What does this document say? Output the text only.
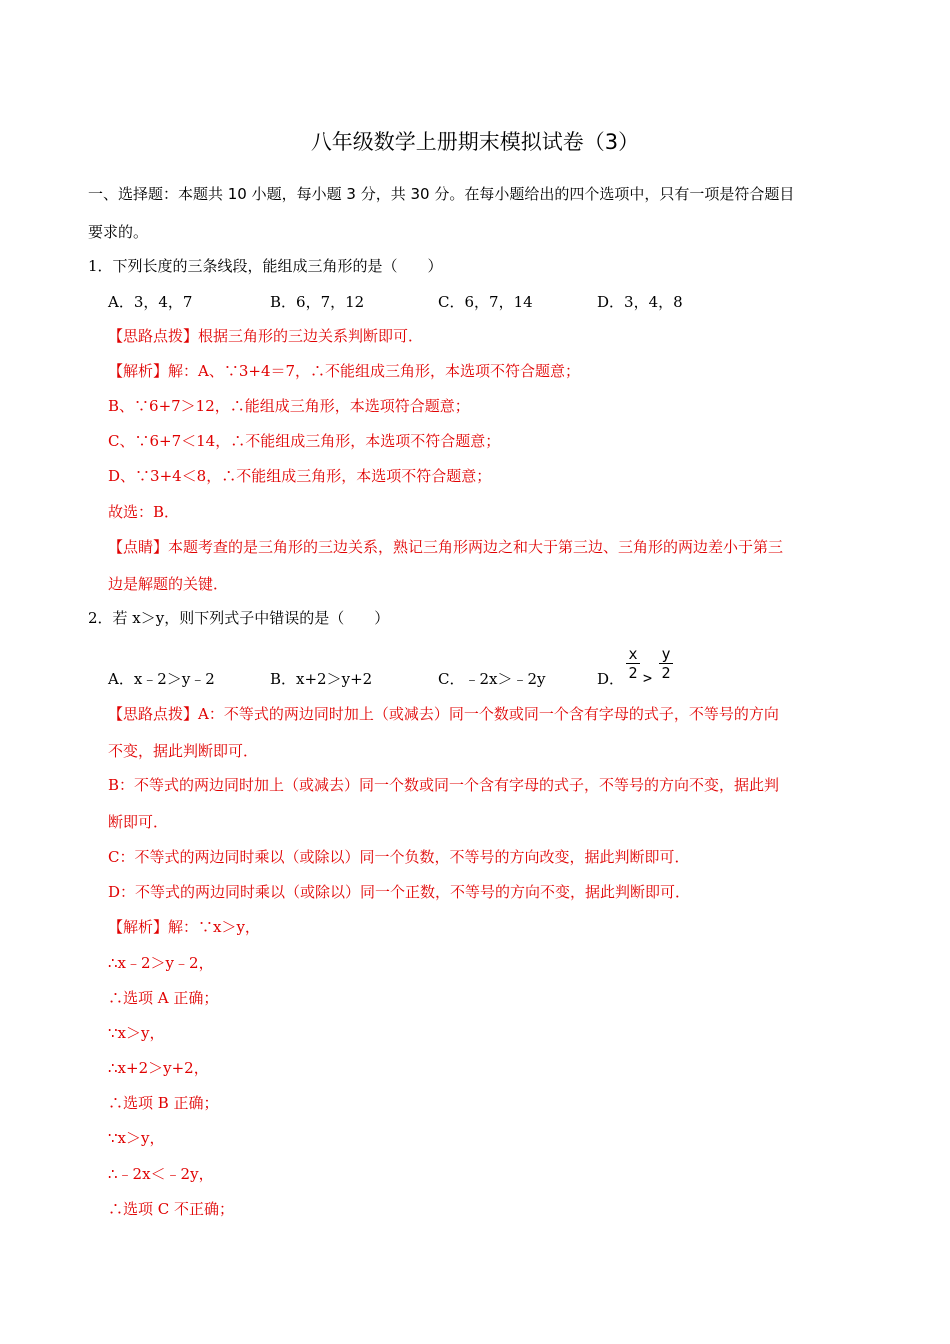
八年级数学上册期末模拟试卷（3）
一、选择题：本题共 10 小题，每小题 3 分，共 30 分。在每小题给出的四个选项中，只有一项是符合题目
要求的。
1．下列长度的三条线段，能组成三角形的是（　　）
A．3，4，7	B．6，7，12	C．6，7，14	D．3，4，8
【思路点拨】根据三角形的三边关系判断即可．
【解析】解：A、∵3+4＝7，∴不能组成三角形，本选项不符合题意；
B、∵6+7＞12，∴能组成三角形，本选项符合题意；
C、∵6+7＜14，∴不能组成三角形，本选项不符合题意；
D、∵3+4＜8，∴不能组成三角形，本选项不符合题意；
故选：B．
【点睛】本题考查的是三角形的三边关系，熟记三角形两边之和大于第三边、三角形的两边差小于第三
边是解题的关键．
2．若 x＞y，则下列式子中错误的是（　　）
A．x﹣2＞y﹣2	B．x+2＞y+2	C．﹣2x＞﹣2y	D．
x
2 >
y
2
【思路点拨】A：不等式的两边同时加上（或减去）同一个数或同一个含有字母的式子，不等号的方向
不变，据此判断即可．
B：不等式的两边同时加上（或减去）同一个数或同一个含有字母的式子，不等号的方向不变，据此判
断即可．
C：不等式的两边同时乘以（或除以）同一个负数，不等号的方向改变，据此判断即可．
D：不等式的两边同时乘以（或除以）同一个正数，不等号的方向不变，据此判断即可．
【解析】解：∵x＞y，
∴x﹣2＞y﹣2，
∴选项 A 正确；
∵x＞y，
∴x+2＞y+2，
∴选项 B 正确；
∵x＞y，
∴﹣2x＜﹣2y，
∴选项 C 不正确；
